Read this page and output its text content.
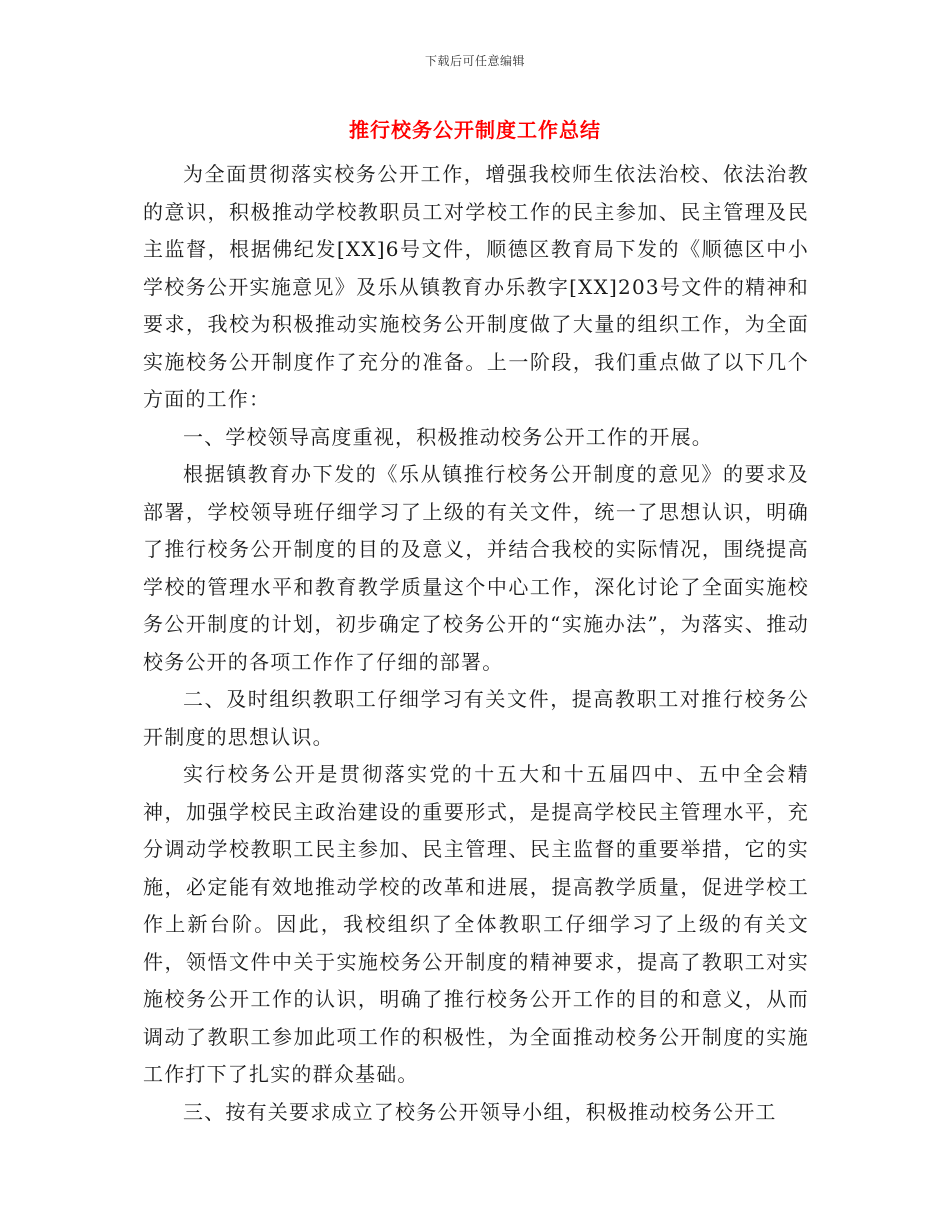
下载后可任意编辑
推行校务公开制度工作总结

为全面贯彻落实校务公开工作，增强我校师生依法治校、依法治教的意识，积极推动学校教职员工对学校工作的民主参加、民主管理及民主监督，根据佛纪发[XX]6号文件，顺德区教育局下发的《顺德区中小学校务公开实施意见》及乐从镇教育办乐教字[XX]203号文件的精神和要求，我校为积极推动实施校务公开制度做了大量的组织工作，为全面实施校务公开制度作了充分的准备。上一阶段，我们重点做了以下几个方面的工作：

一、学校领导高度重视，积极推动校务公开工作的开展。

根据镇教育办下发的《乐从镇推行校务公开制度的意见》的要求及部署，学校领导班仔细学习了上级的有关文件，统一了思想认识，明确了推行校务公开制度的目的及意义，并结合我校的实际情况，围绕提高学校的管理水平和教育教学质量这个中心工作，深化讨论了全面实施校务公开制度的计划，初步确定了校务公开的“实施办法”，为落实、推动校务公开的各项工作作了仔细的部署。

二、及时组织教职工仔细学习有关文件，提高教职工对推行校务公开制度的思想认识。

实行校务公开是贯彻落实党的十五大和十五届四中、五中全会精神，加强学校民主政治建设的重要形式，是提高学校民主管理水平，充分调动学校教职工民主参加、民主管理、民主监督的重要举措，它的实施，必定能有效地推动学校的改革和进展，提高教学质量，促进学校工作上新台阶。因此，我校组织了全体教职工仔细学习了上级的有关文件，领悟文件中关于实施校务公开制度的精神要求，提高了教职工对实施校务公开工作的认识，明确了推行校务公开工作的目的和意义，从而调动了教职工参加此项工作的积极性，为全面推动校务公开制度的实施工作打下了扎实的群众基础。

三、按有关要求成立了校务公开领导小组，积极推动校务公开工
